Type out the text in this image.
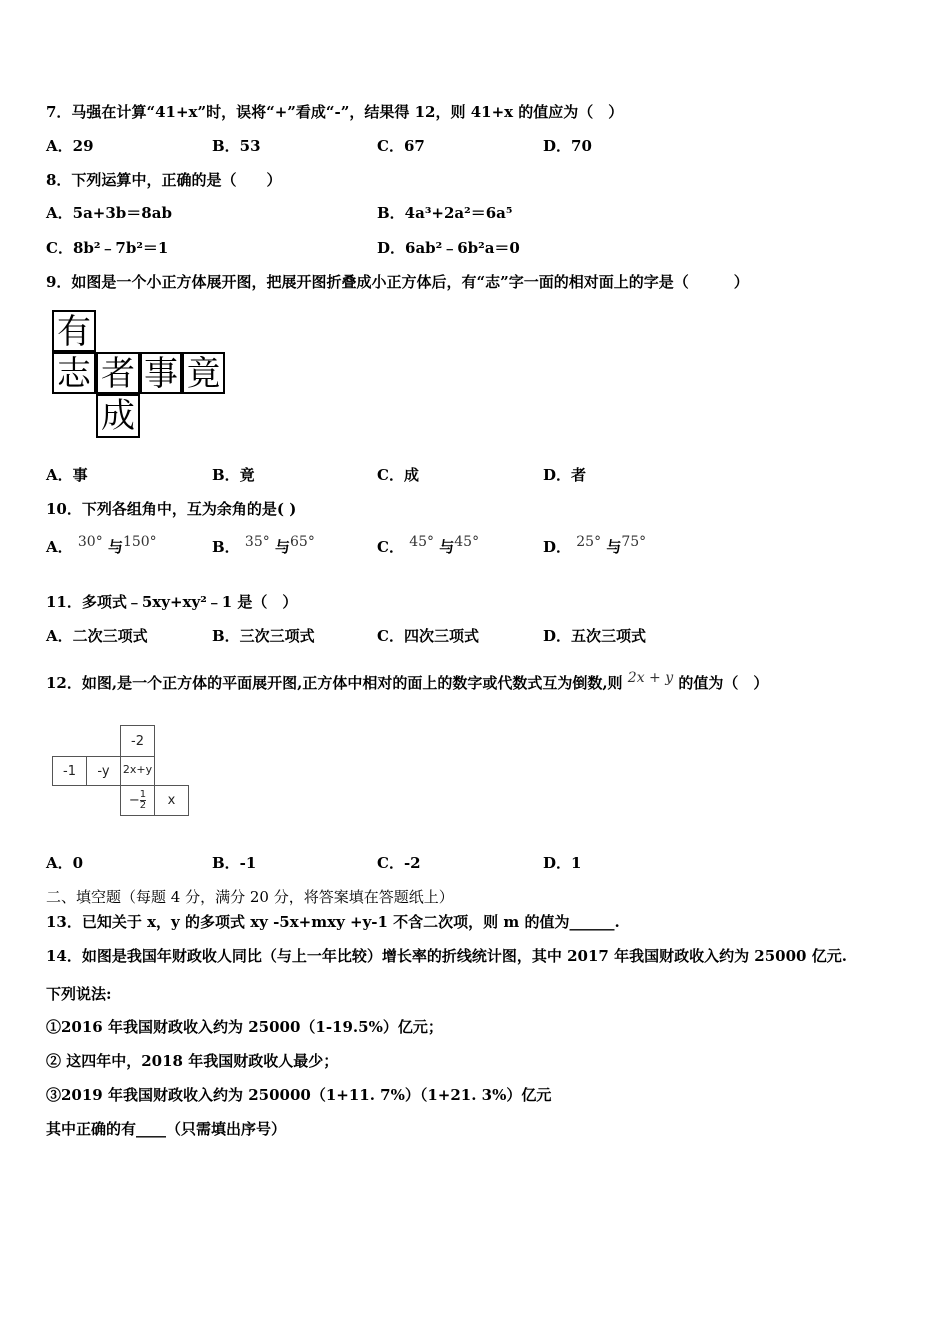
7．马强在计算“41+x”时，误将“+”看成“-”，结果得 12，则 41+x 的值应为（　）
A．29	B．53	C．67	D．70
8．下列运算中，正确的是（　　）
A．5a+3b＝8ab	B．4a³+2a²＝6a⁵
C．8b²﹣7b²＝1	D．6ab²﹣6b²a＝0
9．如图是一个小正方体展开图，把展开图折叠成小正方体后，有“志”字一面的相对面上的字是（　　　）
有
志 者 事 竟
成
A．事	B．竟	C．成	D．者
10．下列各组角中，互为余角的是( )
A． $^{30^\circ}$ 与$^{150^\circ}$	B． $^{35^\circ}$ 与$^{65^\circ}$	C． $^{45^\circ}$ 与$^{45^\circ}$	D． $^{25^\circ}$ 与$^{75^\circ}$
11．多项式﹣5xy+xy²﹣1 是（　）
A．二次三项式	B．三次三项式	C．四次三项式	D．五次三项式
12．如图,是一个正方体的平面展开图,正方体中相对的面上的数字或代数式互为倒数,则 $^{2x + y}$ 的值为（　）
-2
-1	-y	2x+y
− $\frac{1}{2}$	x
A．0	B．-1	C．-2	D．1
二、填空题（每题 4 分，满分 20 分，将答案填在答题纸上）
13．已知关于 x，y 的多项式 xy -5x+mxy +y-1 不含二次项，则 m 的值为______.
14．如图是我国年财政收人同比（与上一年比较）增长率的折线统计图，其中 2017 年我国财政收入约为 25000 亿元.
下列说法:
①2016 年我国财政收入约为 25000（1-19.5%）亿元；
② 这四年中，2018 年我国财政收人最少；
③2019 年我国财政收入约为 250000（1+11. 7%）（1+21. 3%）亿元
其中正确的有____（只需填出序号）
